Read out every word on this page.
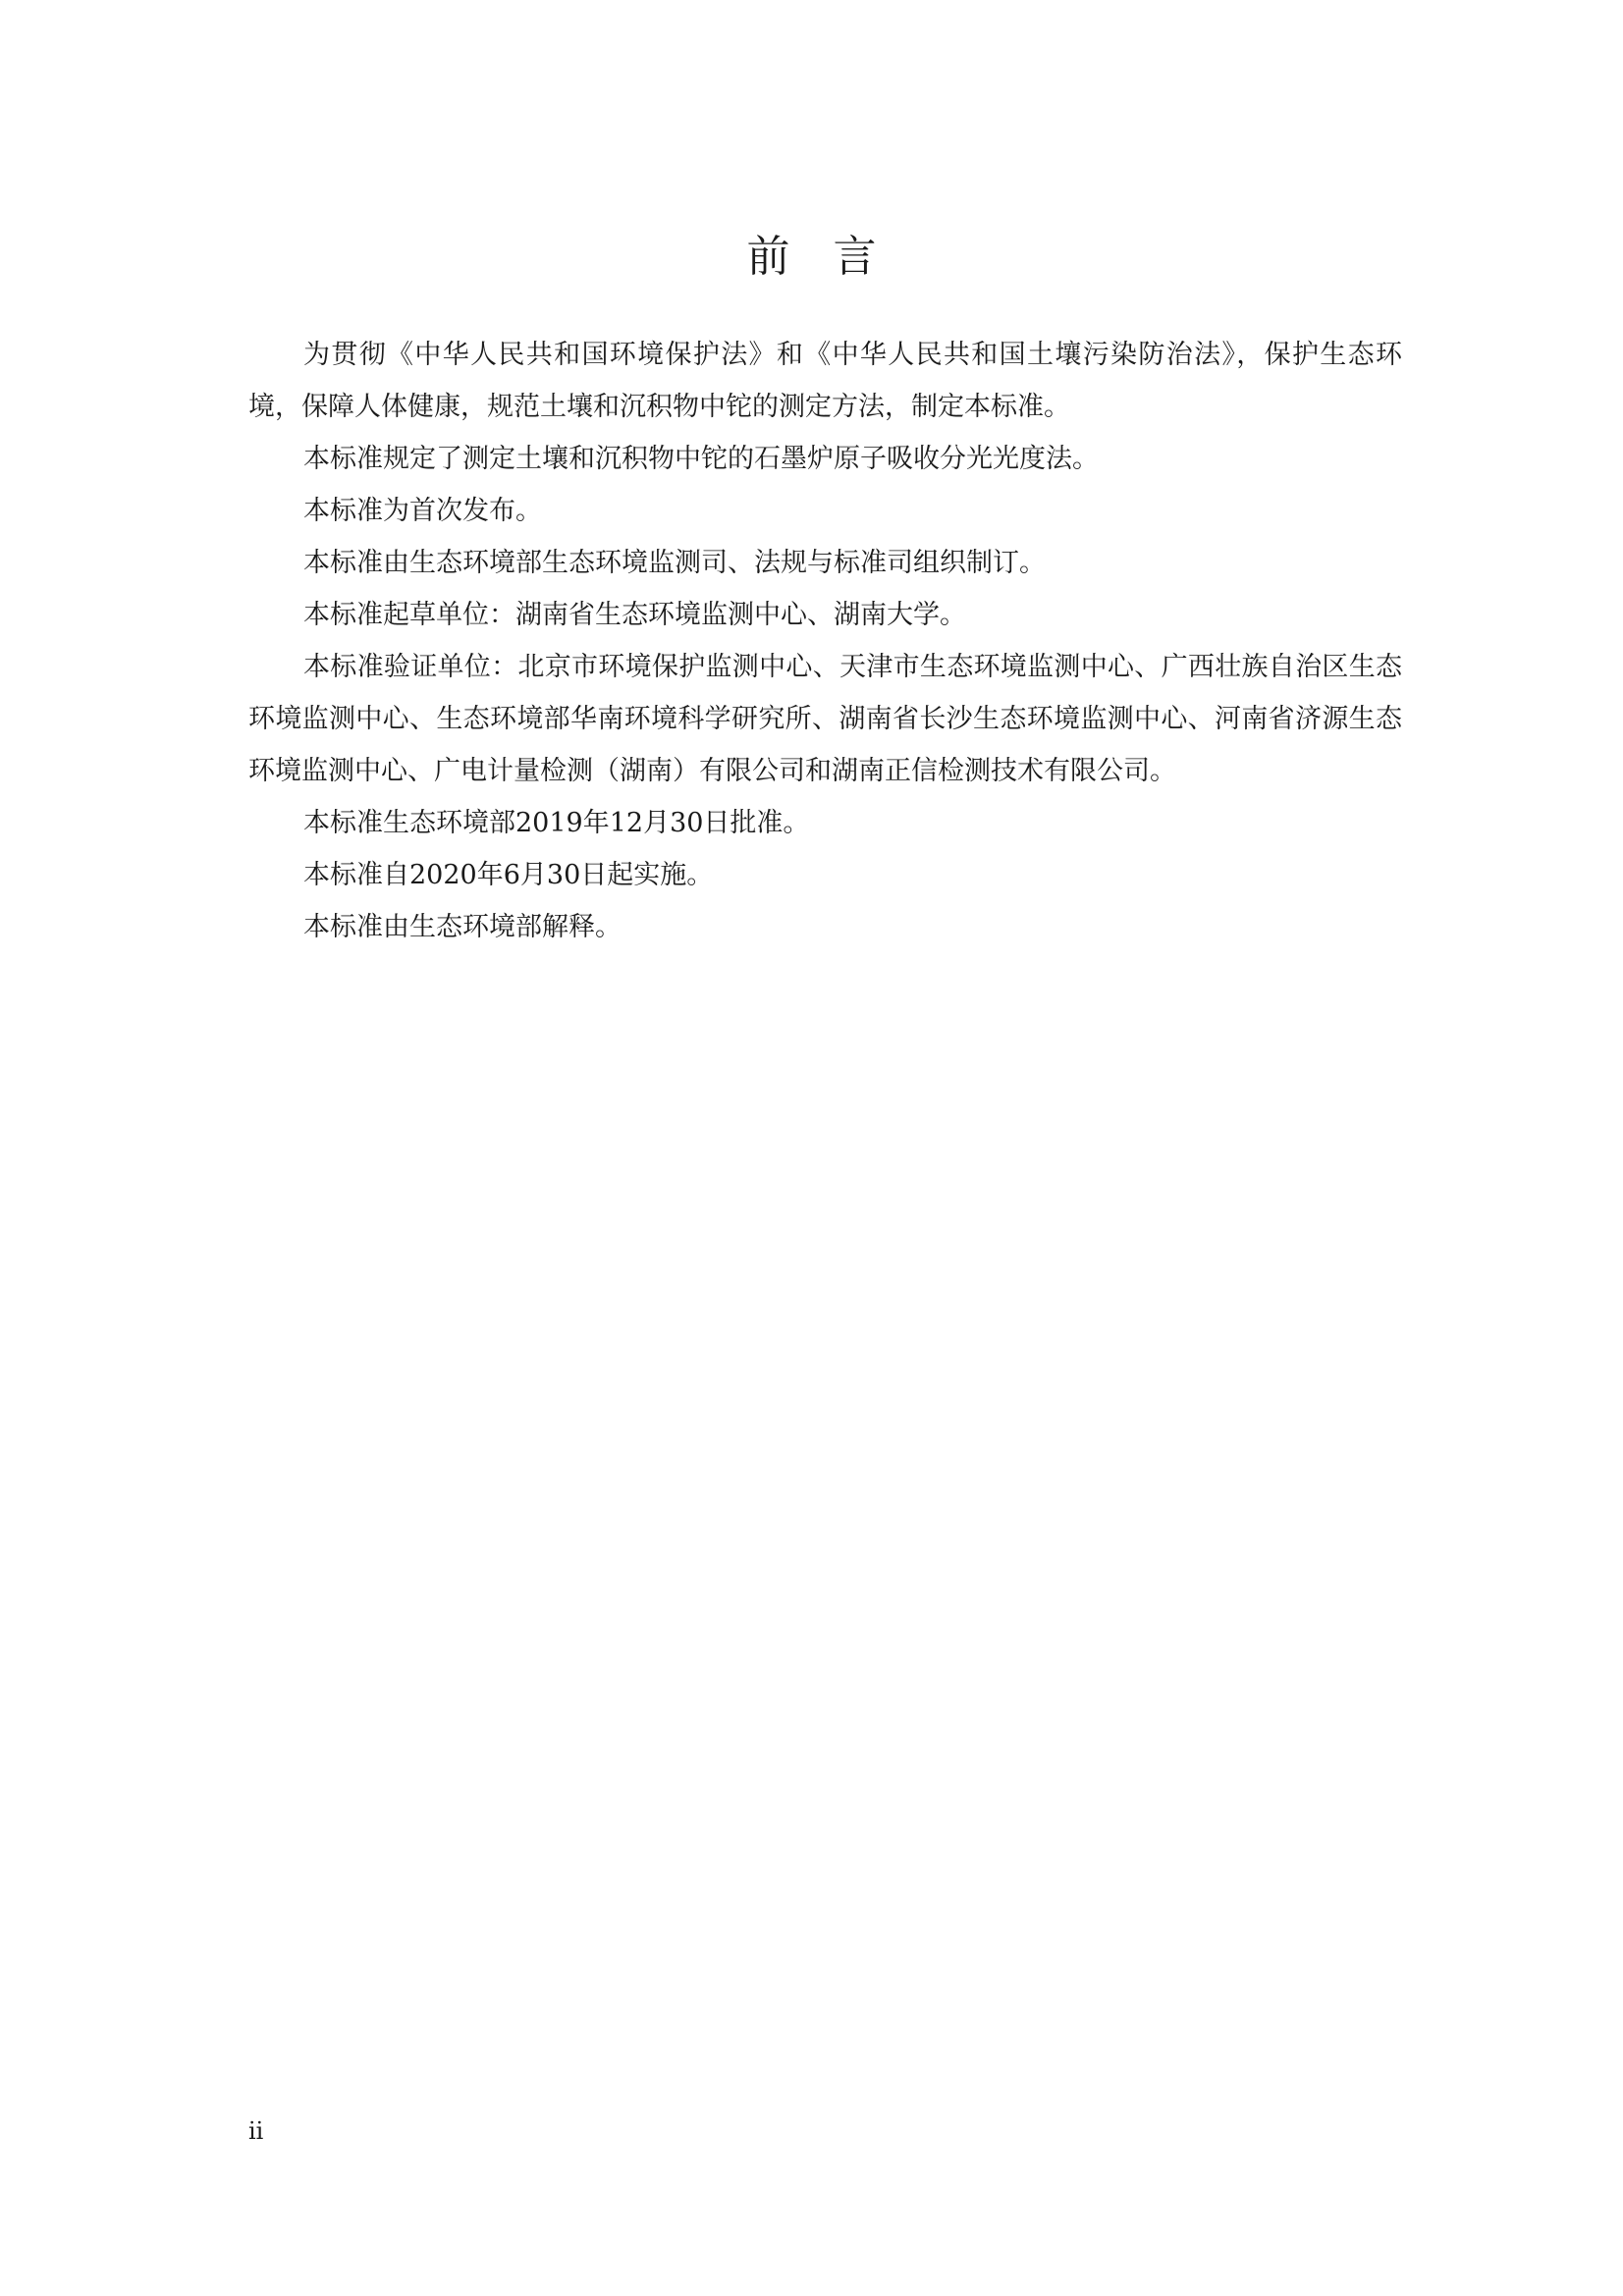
前言

为贯彻《中华人民共和国环境保护法》和《中华人民共和国土壤污染防治法》，保护生态环境，保障人体健康，规范土壤和沉积物中铊的测定方法，制定本标准。

本标准规定了测定土壤和沉积物中铊的石墨炉原子吸收分光光度法。

本标准为首次发布。

本标准由生态环境部生态环境监测司、法规与标准司组织制订。

本标准起草单位：湖南省生态环境监测中心、湖南大学。

本标准验证单位：北京市环境保护监测中心、天津市生态环境监测中心、广西壮族自治区生态环境监测中心、生态环境部华南环境科学研究所、湖南省长沙生态环境监测中心、河南省济源生态环境监测中心、广电计量检测（湖南）有限公司和湖南正信检测技术有限公司。

本标准生态环境部2019年12月30日批准。

本标准自2020年6月30日起实施。

本标准由生态环境部解释。

ii
